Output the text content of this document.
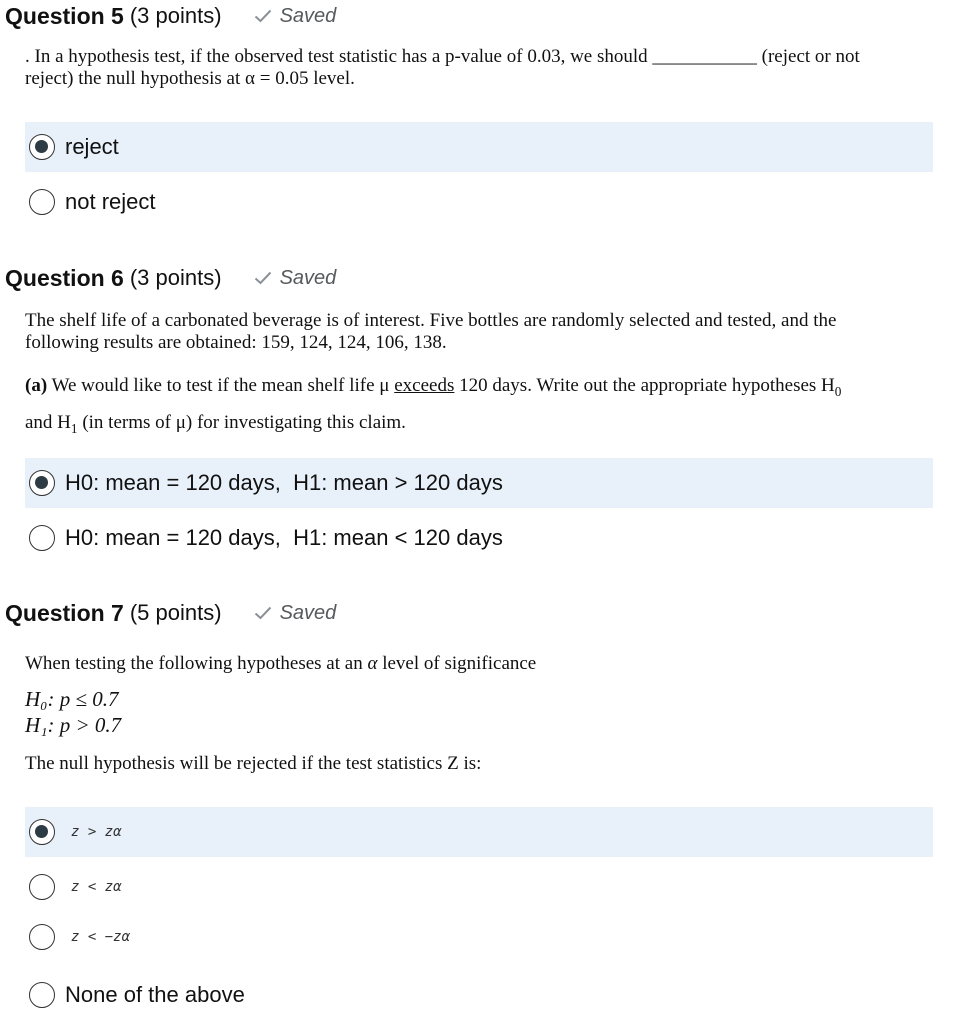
Question 5 (3 points)	Saved
. In a hypothesis test, if the observed test statistic has a p-value of 0.03, we should ___________ (reject or not
reject) the null hypothesis at α = 0.05 level.
reject
not reject
Question 6 (3 points)	Saved
The shelf life of a carbonated beverage is of interest. Five bottles are randomly selected and tested, and the
following results are obtained: 159, 124, 124, 106, 138.
(a) We would like to test if the mean shelf life μ exceeds 120 days. Write out the appropriate hypotheses $H_0$
and $H_1$ (in terms of μ) for investigating this claim.
H0: mean = 120 days,  H1: mean > 120 days
H0: mean = 120 days,  H1: mean < 120 days
Question 7 (5 points)	Saved
When testing the following hypotheses at an α level of significance
H₀: p ≤ 0.7
H₁: p > 0.7
The null hypothesis will be rejected if the test statistics Z is:
z > zα
z < zα
z < −zα
None of the above
